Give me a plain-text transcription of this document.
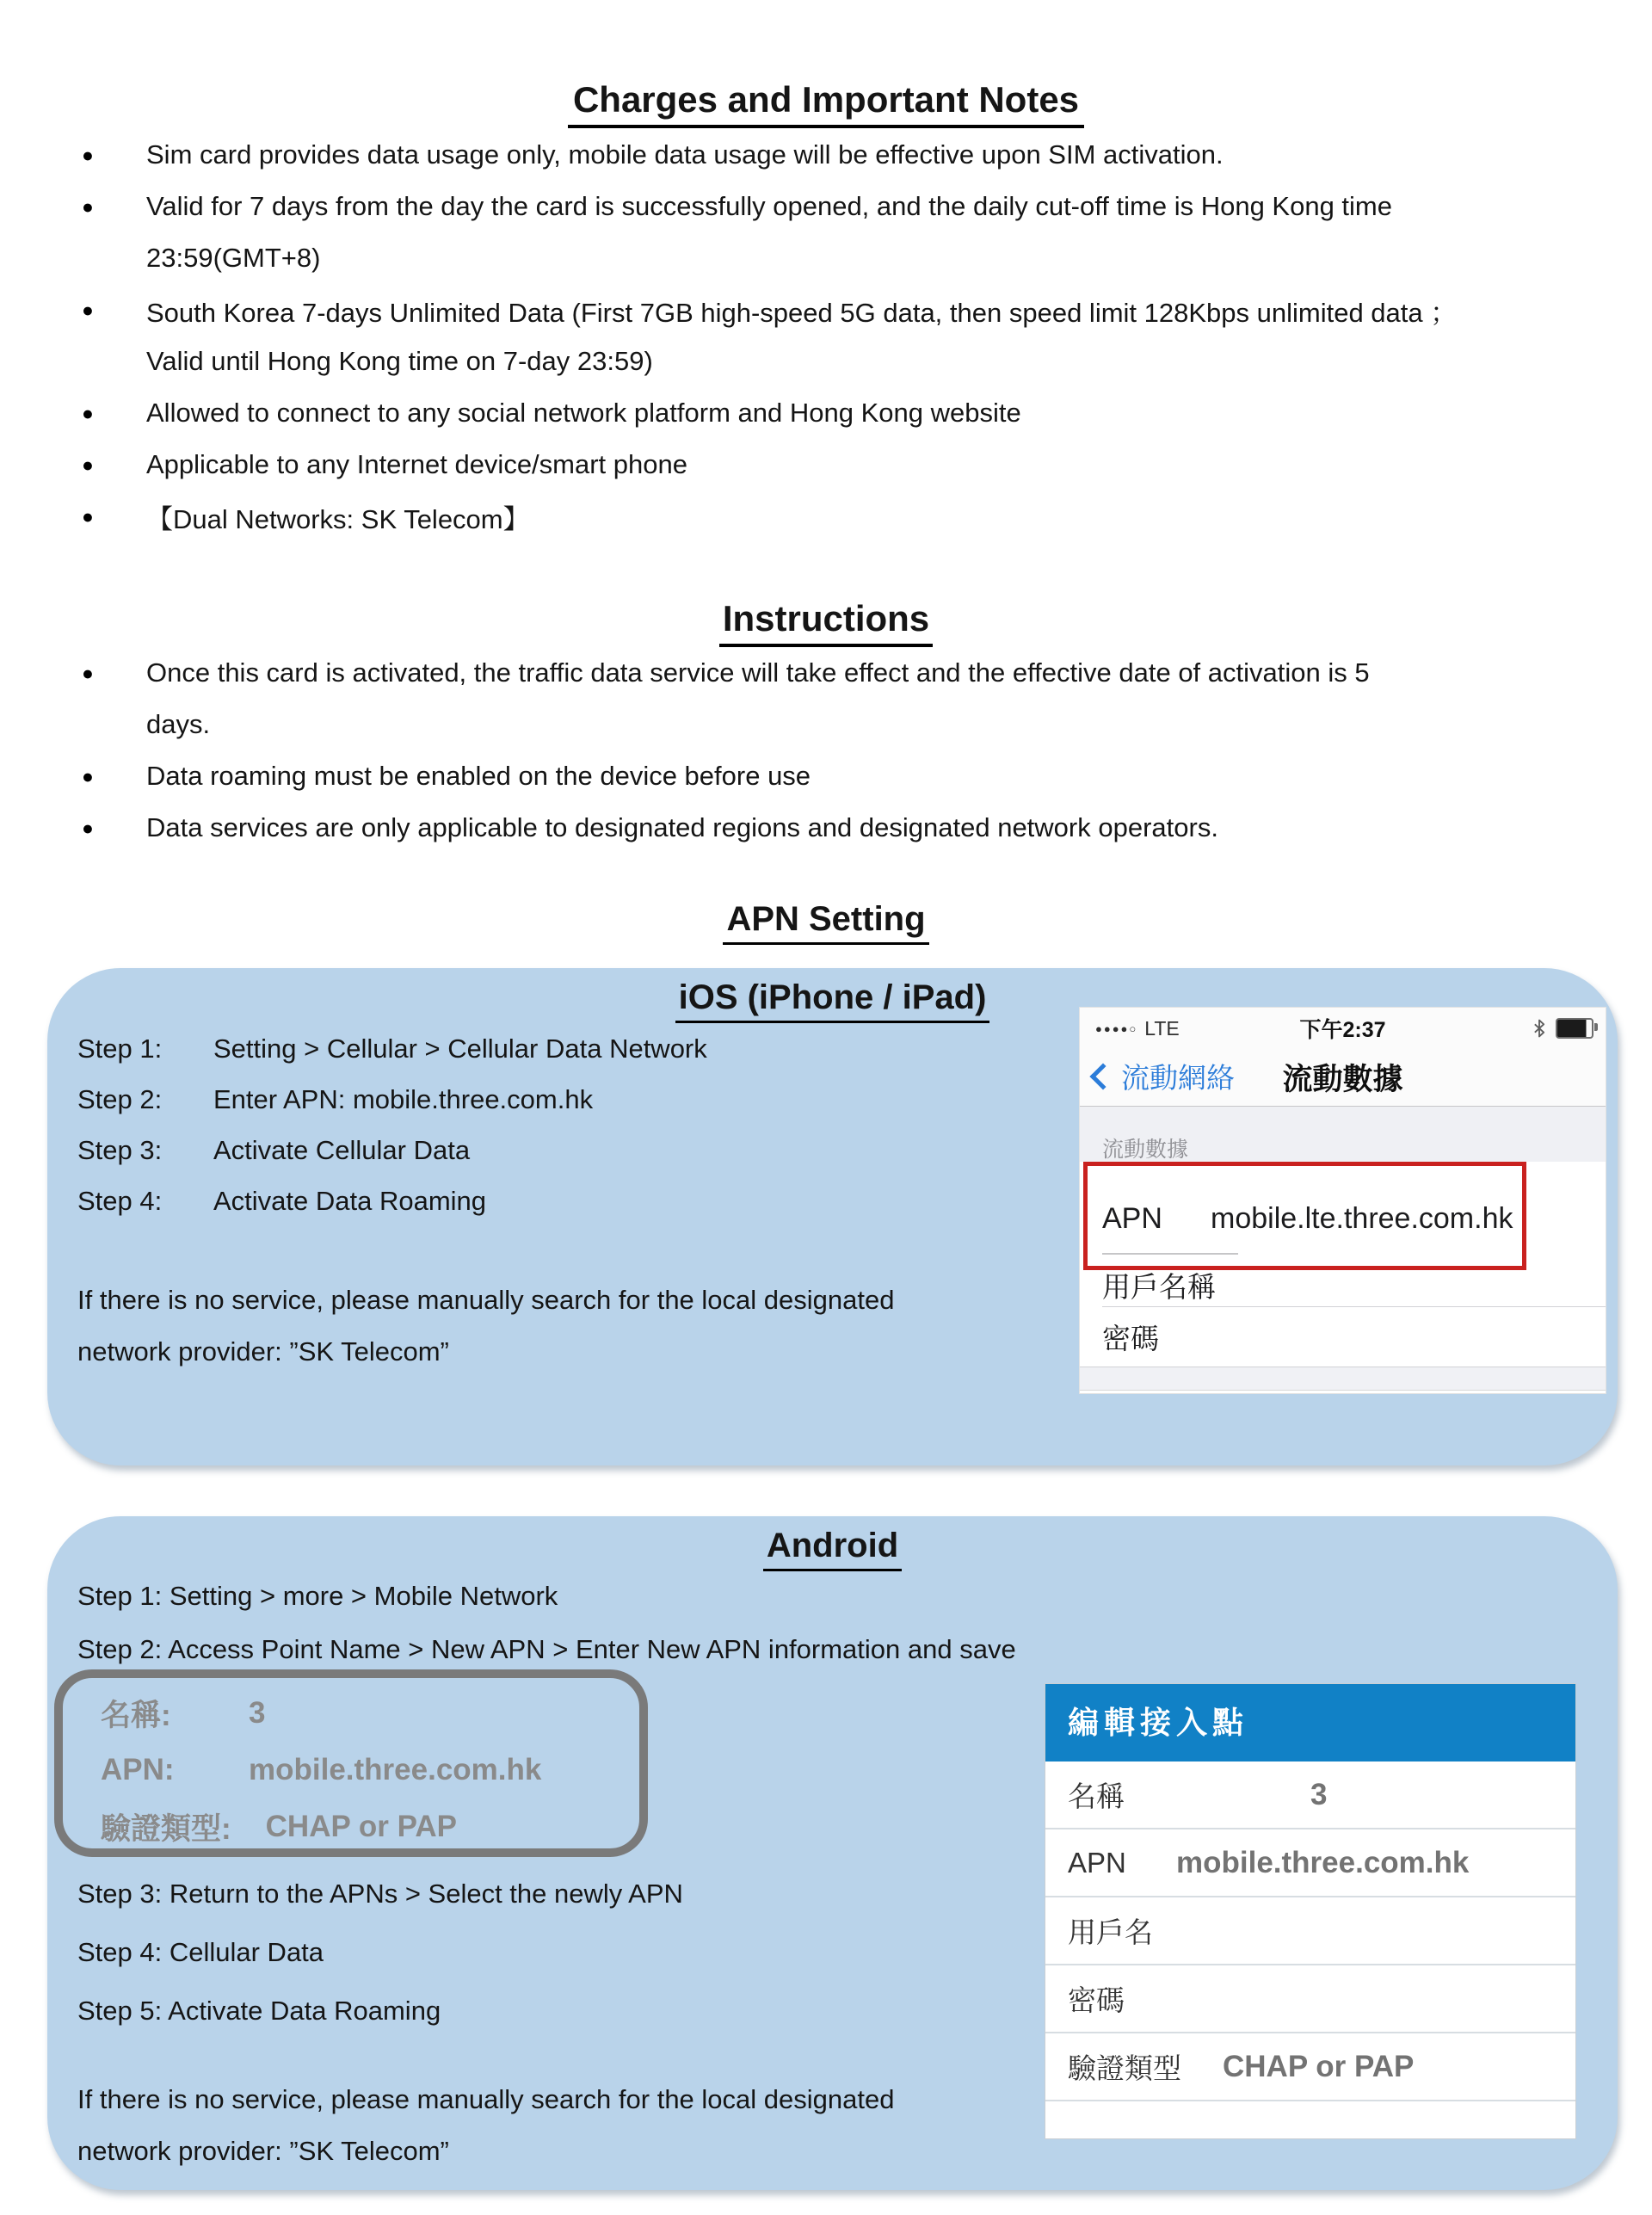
Charges and Important Notes
●	Sim card provides data usage only, mobile data usage will be effective upon SIM activation.
●	Valid for 7 days from the day the card is successfully opened, and the daily cut-off time is Hong Kong time
23:59(GMT+8)
●	South Korea 7-days Unlimited Data (First 7GB high-speed 5G data, then speed limit 128Kbps unlimited data ；
Valid until Hong Kong time on 7-day 23:59)
●	Allowed to connect to any social network platform and Hong Kong website
●	Applicable to any Internet device/smart phone
●	【Dual Networks: SK Telecom】
Instructions
●	Once this card is activated, the traffic data service will take effect and the effective date of activation is 5
days.
●	Data roaming must be enabled on the device before use
●	Data services are only applicable to designated regions and designated network operators.
APN Setting
iOS (iPhone / iPad)
Step 1:	Setting > Cellular > Cellular Data Network
Step 2:	Enter APN: mobile.three.com.hk
Step 3:	Activate Cellular Data
Step 4:	Activate Data Roaming
If there is no service, please manually search for the local designated
network provider: ”SK Telecom”
●●●●○ LTE	下午2:37
流動網絡	流動數據
流動數據
APN	mobile.lte.three.com.hk
用戶名稱
密碼
Android
Step 1: Setting > more > Mobile Network
Step 2: Access Point Name > New APN > Enter New APN information and save
名稱:	3
APN:	mobile.three.com.hk
驗證類型: CHAP or PAP
Step 3: Return to the APNs > Select the newly APN
Step 4: Cellular Data
Step 5: Activate Data Roaming
If there is no service, please manually search for the local designated
network provider: ”SK Telecom”
編輯接入點
名稱	3
APN	mobile.three.com.hk
用戶名
密碼
驗證類型 CHAP or PAP
